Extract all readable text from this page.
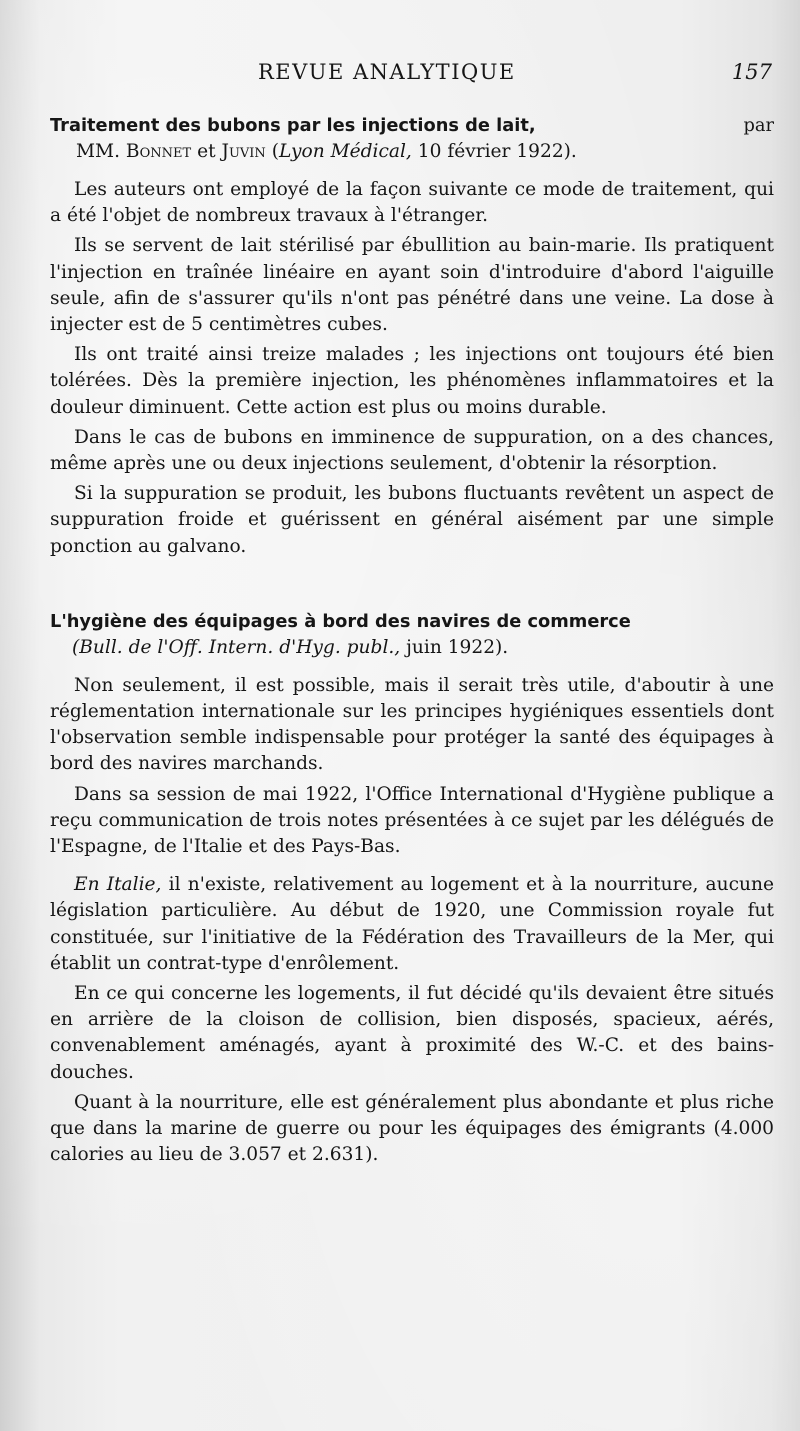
REVUE ANALYTIQUE	157
Traitement des bubons par les injections de lait,	par
MM. Bonnet et Juvin (Lyon Médical, 10 février 1922).

Les auteurs ont employé de la façon suivante ce mode de traitement, qui a été l'objet de nombreux travaux à l'étranger.

Ils se servent de lait stérilisé par ébullition au bain-marie. Ils pratiquent l'injection en traînée linéaire en ayant soin d'introduire d'abord l'aiguille seule, afin de s'assurer qu'ils n'ont pas pénétré dans une veine. La dose à injecter est de 5 centimètres cubes.

Ils ont traité ainsi treize malades ; les injections ont toujours été bien tolérées. Dès la première injection, les phénomènes inflammatoires et la douleur diminuent. Cette action est plus ou moins durable.

Dans le cas de bubons en imminence de suppuration, on a des chances, même après une ou deux injections seulement, d'obtenir la résorption.

Si la suppuration se produit, les bubons fluctuants revêtent un aspect de suppuration froide et guérissent en général aisément par une simple ponction au galvano.

L'hygiène des équipages à bord des navires de commerce
(Bull. de l'Off. Intern. d'Hyg. publ., juin 1922).

Non seulement, il est possible, mais il serait très utile, d'aboutir à une réglementation internationale sur les principes hygiéniques essentiels dont l'observation semble indispensable pour protéger la santé des équipages à bord des navires marchands.

Dans sa session de mai 1922, l'Office International d'Hygiène publique a reçu communication de trois notes présentées à ce sujet par les délégués de l'Espagne, de l'Italie et des Pays-Bas.

En Italie, il n'existe, relativement au logement et à la nourriture, aucune législation particulière. Au début de 1920, une Commission royale fut constituée, sur l'initiative de la Fédération des Travailleurs de la Mer, qui établit un contrat-type d'enrôlement.

En ce qui concerne les logements, il fut décidé qu'ils devaient être situés en arrière de la cloison de collision, bien disposés, spacieux, aérés, convenablement aménagés, ayant à proximité des W.-C. et des bains-douches.

Quant à la nourriture, elle est généralement plus abondante et plus riche que dans la marine de guerre ou pour les équipages des émigrants (4.000 calories au lieu de 3.057 et 2.631).
